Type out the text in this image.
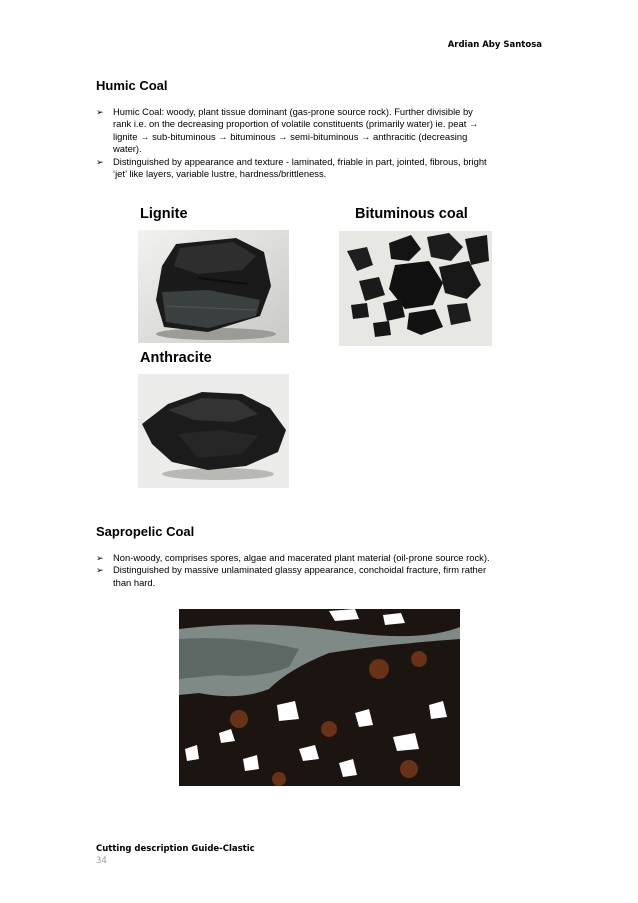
Ardian Aby Santosa
Humic Coal
➢ Humic Coal: woody, plant tissue dominant (gas-prone source rock). Further divisible by
rank i.e. on the decreasing proportion of volatile constituents (primarily water) ie. peat →
lignite → sub-bituminous → bituminous → semi-bituminous → anthracitic (decreasing
water).
➢ Distinguished by appearance and texture - laminated, friable in part, jointed, fibrous, bright
‘jet’ like layers, variable lustre, hardness/brittleness.
Lignite	Bituminous coal
Anthracite
Sapropelic Coal
➢ Non-woody, comprises spores, algae and macerated plant material (oil-prone source rock).
➢ Distinguished by massive unlaminated glassy appearance, conchoidal fracture, firm rather
than hard.
Cutting description Guide-Clastic
34
